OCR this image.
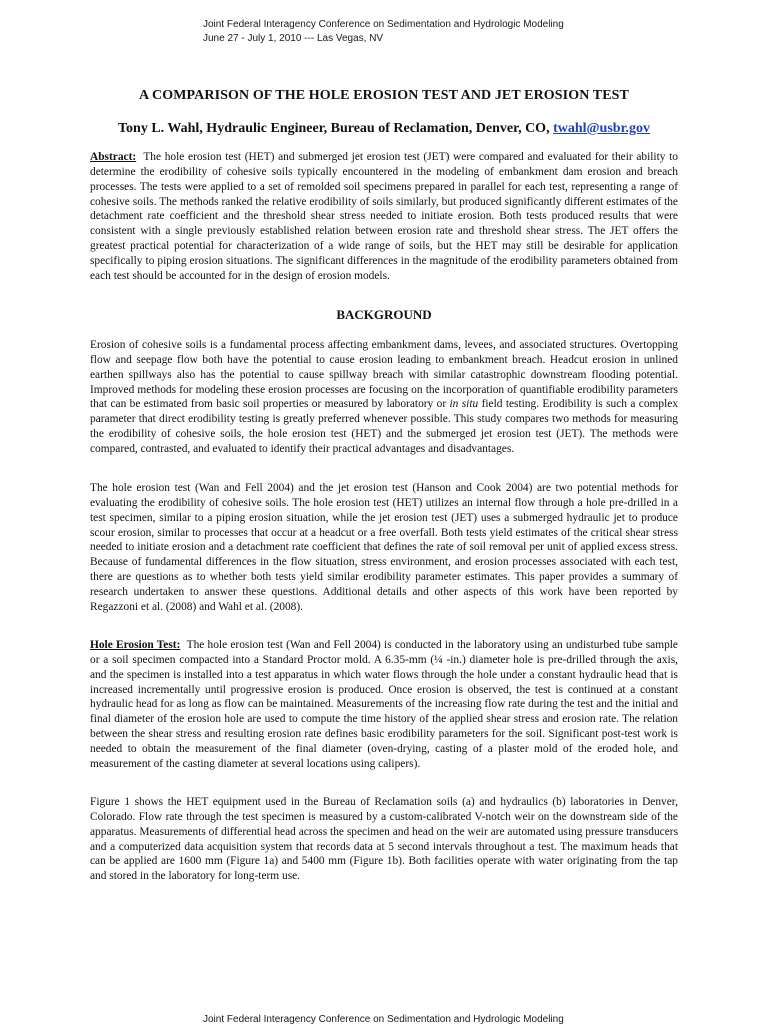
Joint Federal Interagency Conference on Sedimentation and Hydrologic Modeling
June 27 - July 1, 2010 --- Las Vegas, NV
A COMPARISON OF THE HOLE EROSION TEST AND JET EROSION TEST
Tony L. Wahl, Hydraulic Engineer, Bureau of Reclamation, Denver, CO, twahl@usbr.gov

Abstract: The hole erosion test (HET) and submerged jet erosion test (JET) were compared and evaluated for their ability to determine the erodibility of cohesive soils typically encountered in the modeling of embankment dam erosion and breach processes. The tests were applied to a set of remolded soil specimens prepared in parallel for each test, representing a range of cohesive soils. The methods ranked the relative erodibility of soils similarly, but produced significantly different estimates of the detachment rate coefficient and the threshold shear stress needed to initiate erosion. Both tests produced results that were consistent with a single previously established relation between erosion rate and threshold shear stress. The JET offers the greatest practical potential for characterization of a wide range of soils, but the HET may still be desirable for application specifically to piping erosion situations. The significant differences in the magnitude of the erodibility parameters obtained from each test should be accounted for in the design of erosion models.

BACKGROUND

Erosion of cohesive soils is a fundamental process affecting embankment dams, levees, and associated structures. Overtopping flow and seepage flow both have the potential to cause erosion leading to embankment breach. Headcut erosion in unlined earthen spillways also has the potential to cause spillway breach with similar catastrophic downstream flooding potential. Improved methods for modeling these erosion processes are focusing on the incorporation of quantifiable erodibility parameters that can be estimated from basic soil properties or measured by laboratory or in situ field testing. Erodibility is such a complex parameter that direct erodibility testing is greatly preferred whenever possible. This study compares two methods for measuring the erodibility of cohesive soils, the hole erosion test (HET) and the submerged jet erosion test (JET). The methods were compared, contrasted, and evaluated to identify their practical advantages and disadvantages.

The hole erosion test (Wan and Fell 2004) and the jet erosion test (Hanson and Cook 2004) are two potential methods for evaluating the erodibility of cohesive soils. The hole erosion test (HET) utilizes an internal flow through a hole pre-drilled in a test specimen, similar to a piping erosion situation, while the jet erosion test (JET) uses a submerged hydraulic jet to produce scour erosion, similar to processes that occur at a headcut or a free overfall. Both tests yield estimates of the critical shear stress needed to initiate erosion and a detachment rate coefficient that defines the rate of soil removal per unit of applied excess stress. Because of fundamental differences in the flow situation, stress environment, and erosion processes associated with each test, there are questions as to whether both tests yield similar erodibility parameter estimates. This paper provides a summary of research undertaken to answer these questions. Additional details and other aspects of this work have been reported by Regazzoni et al. (2008) and Wahl et al. (2008).

Hole Erosion Test: The hole erosion test (Wan and Fell 2004) is conducted in the laboratory using an undisturbed tube sample or a soil specimen compacted into a Standard Proctor mold. A 6.35-mm (¼ -in.) diameter hole is pre-drilled through the axis, and the specimen is installed into a test apparatus in which water flows through the hole under a constant hydraulic head that is increased incrementally until progressive erosion is produced. Once erosion is observed, the test is continued at a constant hydraulic head for as long as flow can be maintained. Measurements of the increasing flow rate during the test and the initial and final diameter of the erosion hole are used to compute the time history of the applied shear stress and erosion rate. The relation between the shear stress and resulting erosion rate defines basic erodibility parameters for the soil. Significant post-test work is needed to obtain the measurement of the final diameter (oven-drying, casting of a plaster mold of the eroded hole, and measurement of the casting diameter at several locations using calipers).

Figure 1 shows the HET equipment used in the Bureau of Reclamation soils (a) and hydraulics (b) laboratories in Denver, Colorado. Flow rate through the test specimen is measured by a custom-calibrated V-notch weir on the downstream side of the apparatus. Measurements of differential head across the specimen and head on the weir are automated using pressure transducers and a computerized data acquisition system that records data at 5 second intervals throughout a test. The maximum heads that can be applied are 1600 mm (Figure 1a) and 5400 mm (Figure 1b). Both facilities operate with water originating from the tap and stored in the laboratory for long-term use.

Joint Federal Interagency Conference on Sedimentation and Hydrologic Modeling
